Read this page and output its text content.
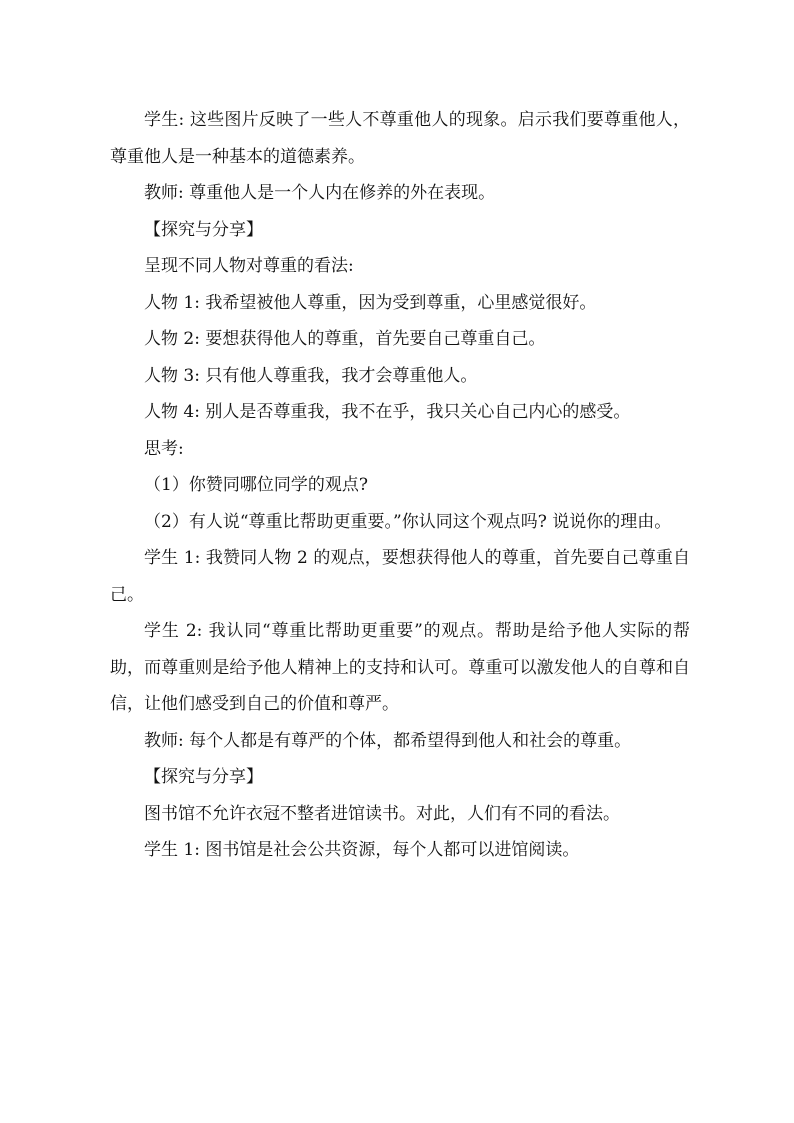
学生: 这些图片反映了一些人不尊重他人的现象。启示我们要尊重他人，尊重他人是一种基本的道德素养。

教师: 尊重他人是一个人内在修养的外在表现。

【探究与分享】

呈现不同人物对尊重的看法:

人物 1: 我希望被他人尊重，因为受到尊重，心里感觉很好。

人物 2: 要想获得他人的尊重，首先要自己尊重自己。

人物 3: 只有他人尊重我，我才会尊重他人。

人物 4: 别人是否尊重我，我不在乎，我只关心自己内心的感受。

思考:

（1）你赞同哪位同学的观点?

（2）有人说“尊重比帮助更重要。”你认同这个观点吗? 说说你的理由。

学生 1: 我赞同人物 2 的观点，要想获得他人的尊重，首先要自己尊重自己。

学生 2: 我认同“尊重比帮助更重要”的观点。帮助是给予他人实际的帮助，而尊重则是给予他人精神上的支持和认可。尊重可以激发他人的自尊和自信，让他们感受到自己的价值和尊严。

教师: 每个人都是有尊严的个体，都希望得到他人和社会的尊重。

【探究与分享】

图书馆不允许衣冠不整者进馆读书。对此，人们有不同的看法。

学生 1: 图书馆是社会公共资源，每个人都可以进馆阅读。
